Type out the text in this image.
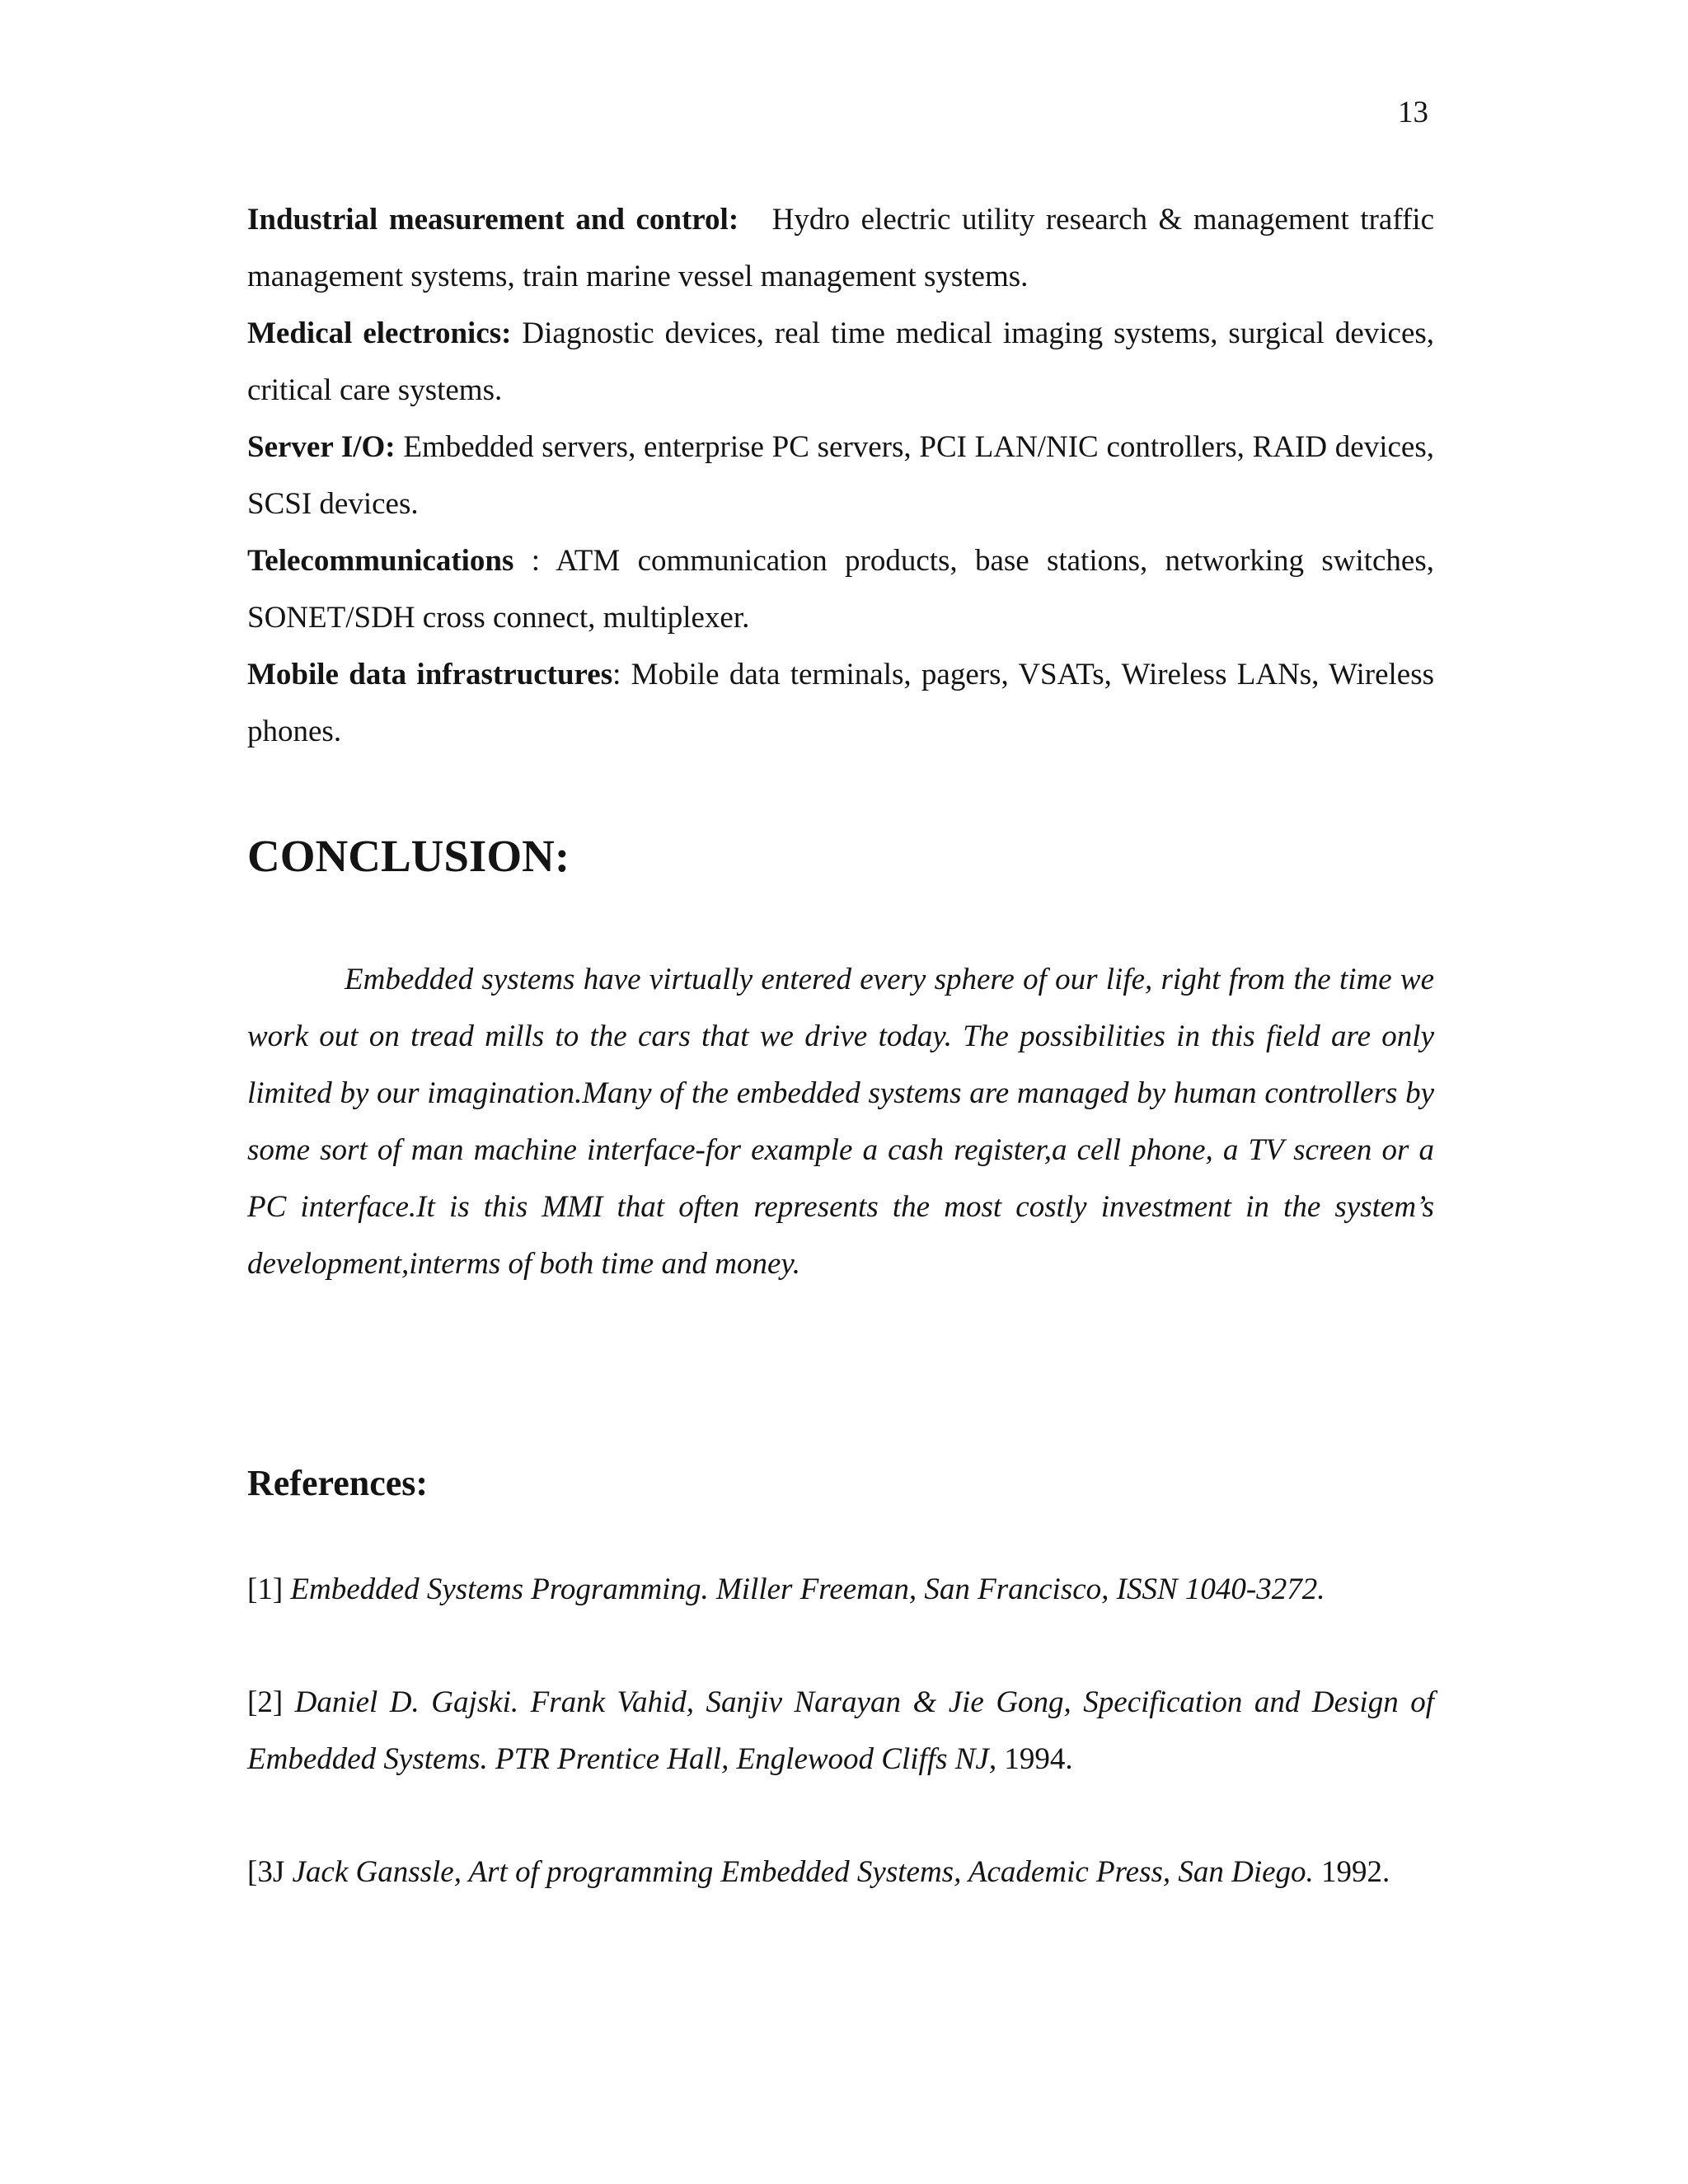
13

Industrial measurement and control: Hydro electric utility research & management traffic management systems, train marine vessel management systems.

Medical electronics: Diagnostic devices, real time medical imaging systems, surgical devices, critical care systems.

Server I/O: Embedded servers, enterprise PC servers, PCI LAN/NIC controllers, RAID devices, SCSI devices.

Telecommunications : ATM communication products, base stations, networking switches, SONET/SDH cross connect, multiplexer.

Mobile data infrastructures: Mobile data terminals, pagers, VSATs, Wireless LANs, Wireless phones.

CONCLUSION:

Embedded systems have virtually entered every sphere of our life, right from the time we work out on tread mills to the cars that we drive today. The possibilities in this field are only limited by our imagination.Many of the embedded systems are managed by human controllers by some sort of man machine interface-for example a cash register,a cell phone, a TV screen or a PC interface.It is this MMI that often represents the most costly investment in the system’s development,interms of both time and money.

References:

[1] Embedded Systems Programming. Miller Freeman, San Francisco, ISSN 1040-3272.

[2] Daniel D. Gajski. Frank Vahid, Sanjiv Narayan & Jie Gong, Specification and Design of Embedded Systems. PTR Prentice Hall, Englewood Cliffs NJ, 1994.

[3J Jack Ganssle, Art of programming Embedded Systems, Academic Press, San Diego. 1992.
